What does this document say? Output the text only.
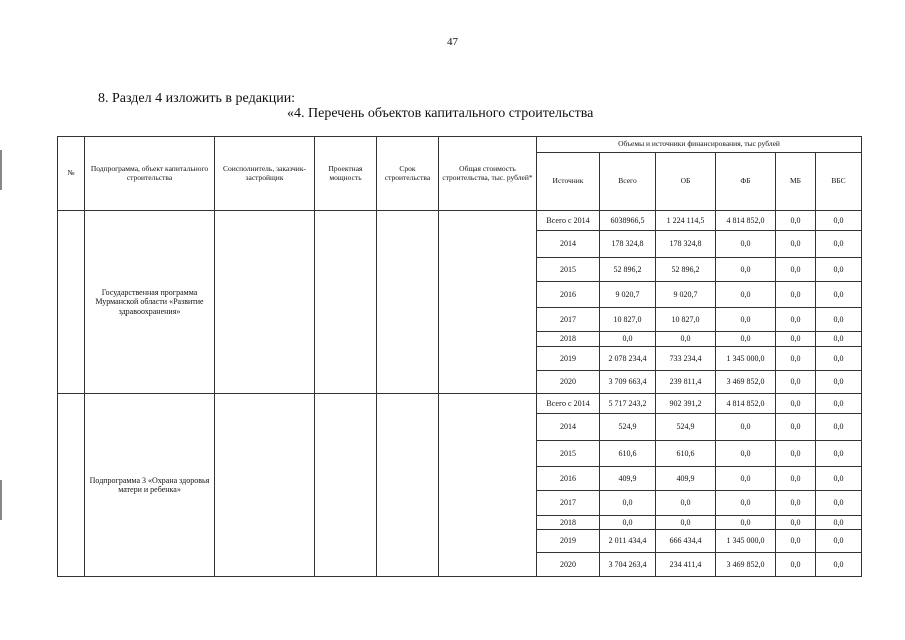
47
8. Раздел 4 изложить в редакции:
«4. Перечень объектов капитального строительства
№	Подпрограмма, объект капитального строительства	Соисполнитель, заказчик-застройщик	Проектная мощность	Срок строительства	Общая стоимость строительства, тыс. рублей*	Объемы и источники финансирования, тыс рублей					
						Источник	Всего	ОБ	ФБ	МБ	ВБС
	Государственная программа Мурманской области «Развитие здравоохранения»					Всего с 2014	6038966,5	1 224 114,5	4 814 852,0	0,0	0,0
						2014	178 324,8	178 324,8	0,0	0,0	0,0
						2015	52 896,2	52 896,2	0,0	0,0	0,0
						2016	9 020,7	9 020,7	0,0	0,0	0,0
						2017	10 827,0	10 827,0	0,0	0,0	0,0
						2018	0,0	0,0	0,0	0,0	0,0
						2019	2 078 234,4	733 234,4	1 345 000,0	0,0	0,0
						2020	3 709 663,4	239 811,4	3 469 852,0	0,0	0,0
	Подпрограмма 3 «Охрана здоровья матери и ребенка»					Всего с 2014	5 717 243,2	902 391,2	4 814 852,0	0,0	0,0
						2014	524,9	524,9	0,0	0,0	0,0
						2015	610,6	610,6	0,0	0,0	0,0
						2016	409,9	409,9	0,0	0,0	0,0
						2017	0,0	0,0	0,0	0,0	0,0
						2018	0,0	0,0	0,0	0,0	0,0
						2019	2 011 434,4	666 434,4	1 345 000,0	0,0	0,0
						2020	3 704 263,4	234 411,4	3 469 852,0	0,0	0,0
